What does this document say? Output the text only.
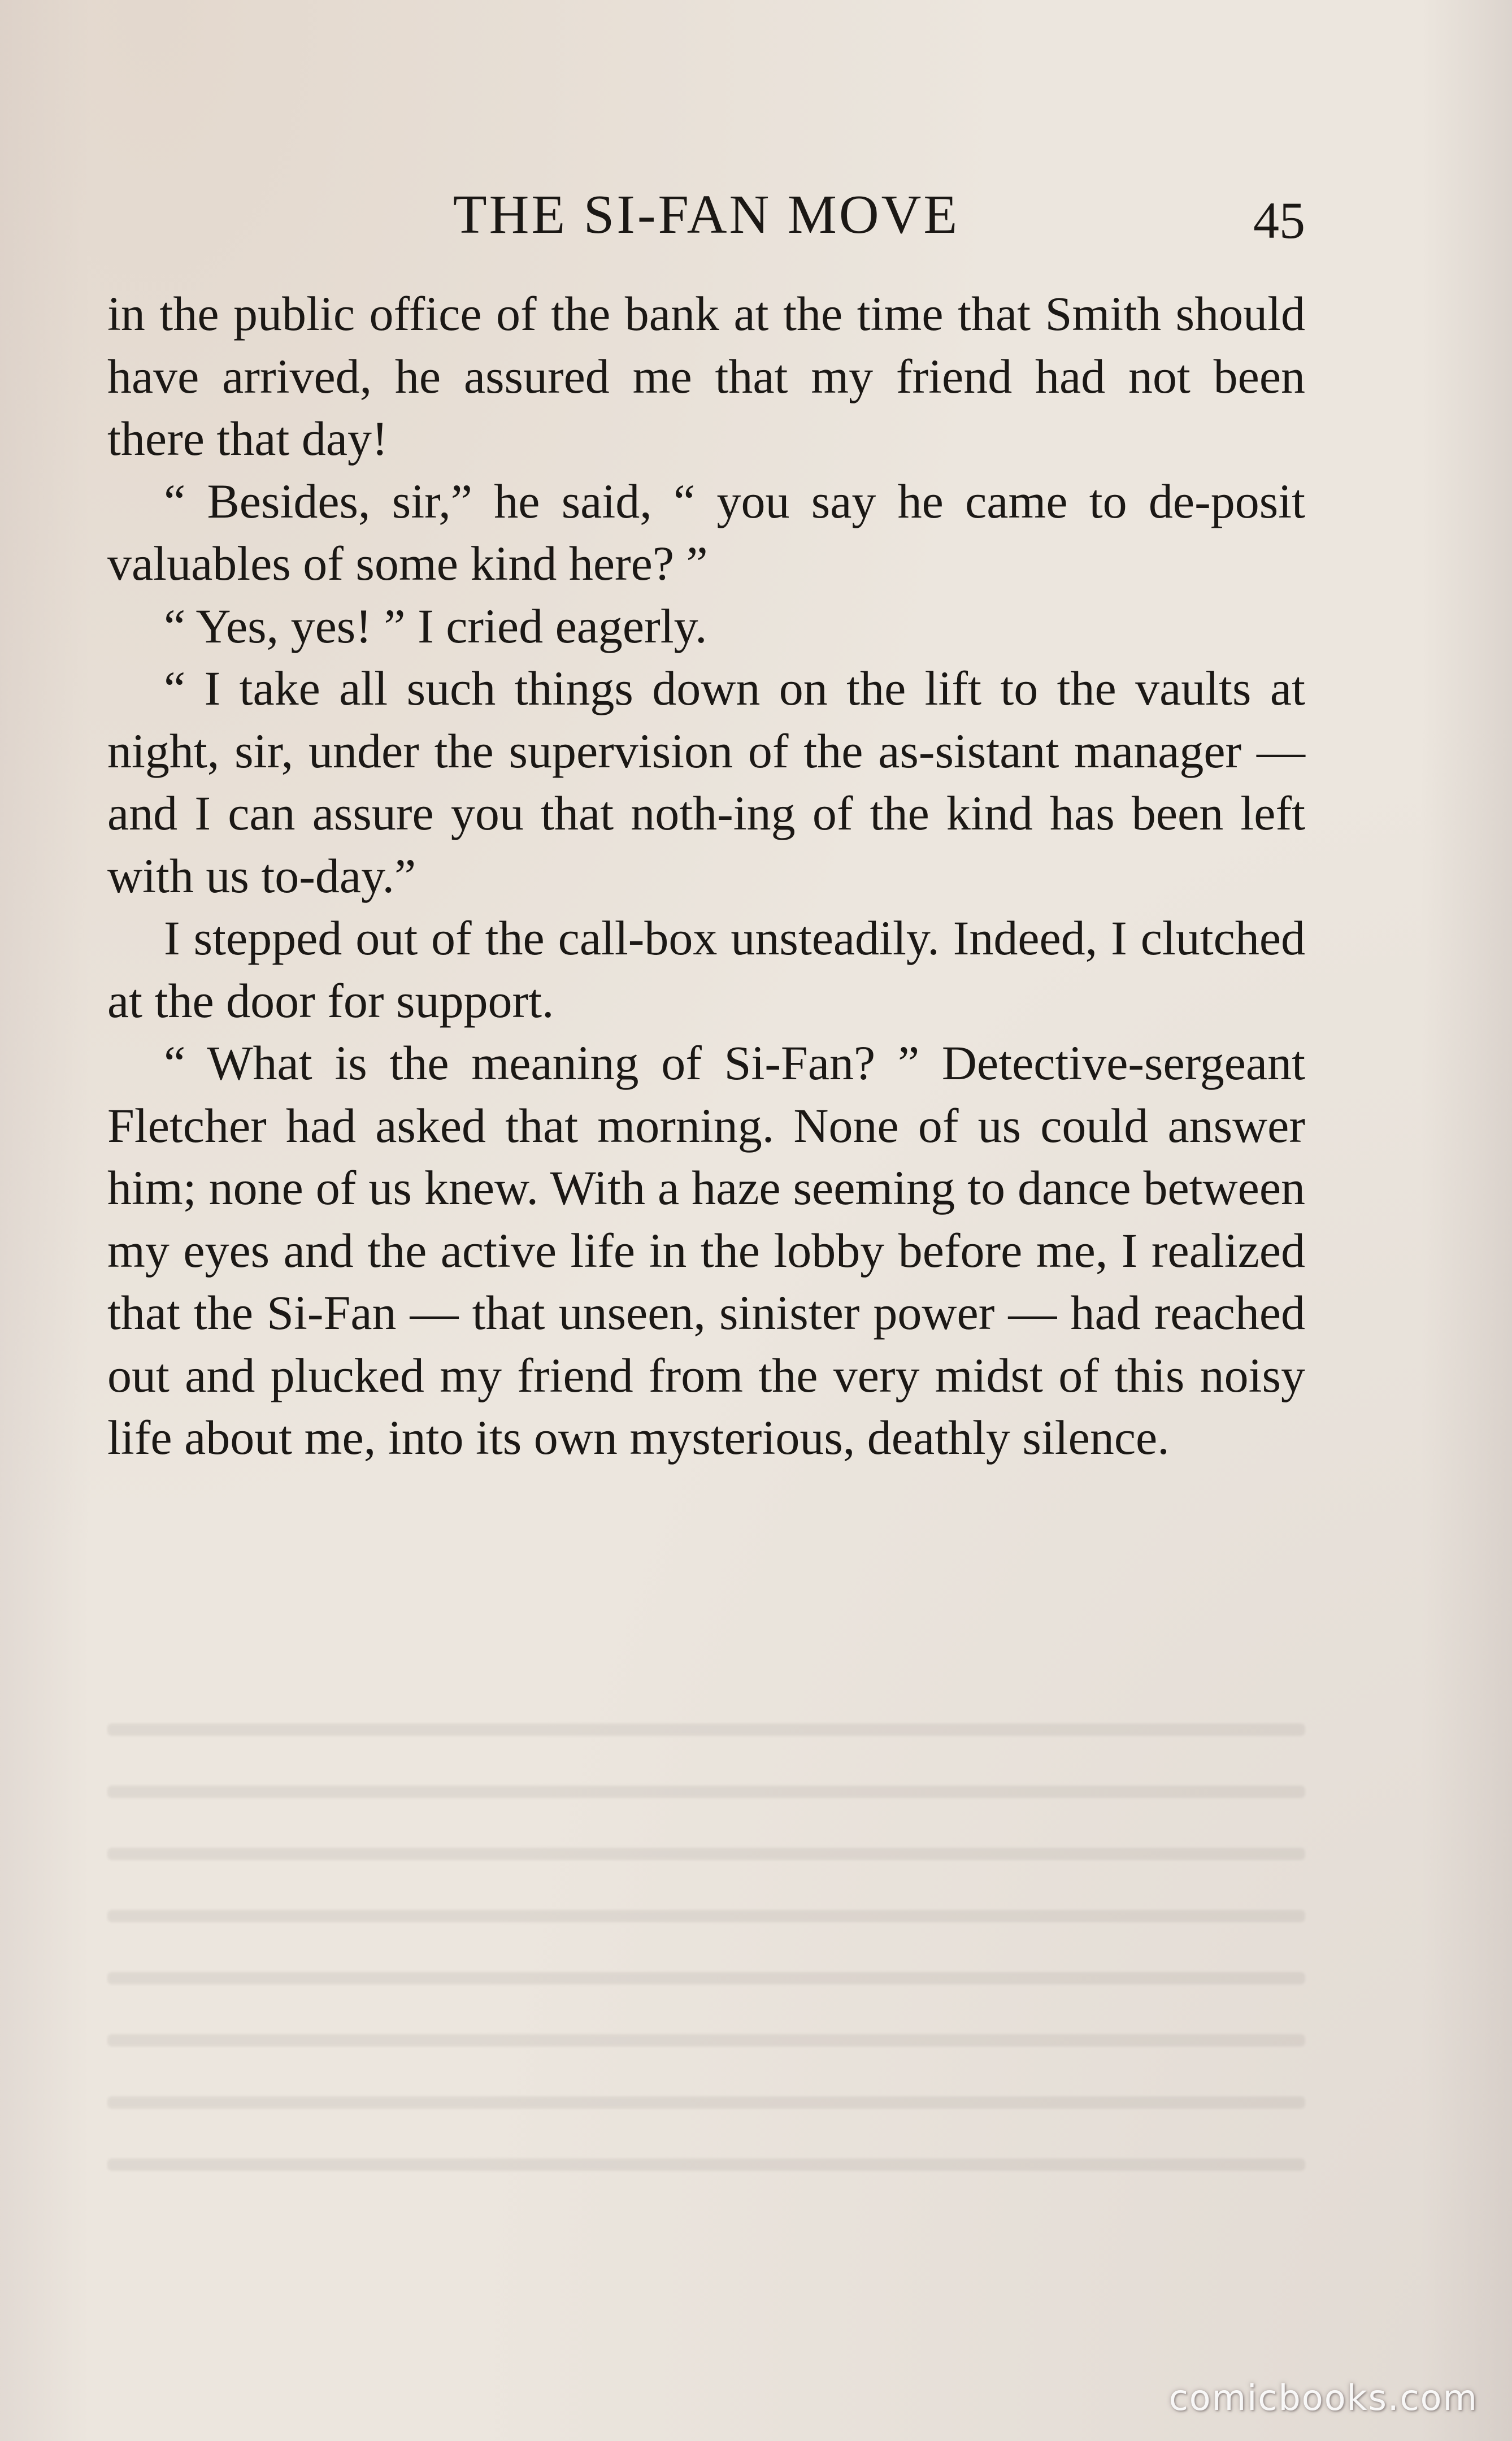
THE SI-FAN MOVE	45

in the public office of the bank at the time that Smith should have arrived, he assured me that my friend had not been there that day!

“ Besides, sir,” he said, “ you say he came to de-posit valuables of some kind here? ”

“ Yes, yes! ” I cried eagerly.

“ I take all such things down on the lift to the vaults at night, sir, under the supervision of the as-sistant manager — and I can assure you that noth-ing of the kind has been left with us to-day.”

I stepped out of the call-box unsteadily. Indeed, I clutched at the door for support.

“ What is the meaning of Si-Fan? ” Detective-sergeant Fletcher had asked that morning. None of us could answer him; none of us knew. With a haze seeming to dance between my eyes and the active life in the lobby before me, I realized that the Si-Fan — that unseen, sinister power — had reached out and plucked my friend from the very midst of this noisy life about me, into its own mysterious, deathly silence.

comicbooks.com
